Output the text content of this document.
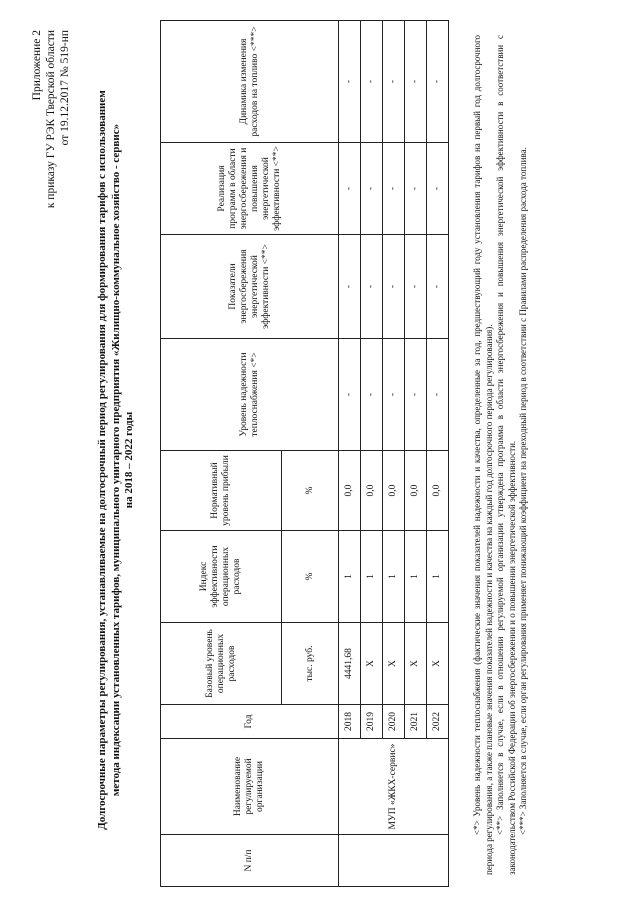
Приложение 2 к приказу ГУ РЭК Тверской области от 19.12.2017 № 519-нп
Долгосрочные параметры регулирования, устанавливаемые на долгосрочный период регулирования для формирования тарифов с использованием метода индексации установленных тарифов, муниципального унитарного предприятия «Жилищно-коммунальное хозяйство - сервис» на 2018 – 2022 годы
N п/п	Наименование регулируемой организации	Год	Базовый уровень операционных расходов	Индекс эффективности операционных расходов	Нормативный уровень прибыли	Уровень надежности теплоснабжения <*>	Показатели энергосбережения энергетической эффективности <**>	Реализация программ в области энергосбережения и повышения энергетической эффективности <**>	Динамика изменения расходов на топливо <***>
			тыс. руб.	%	%				
	МУП «ЖКХ-сервис»	2018	4441,68	1	0,0	-	-	-	-
		2019	Х	1	0,0	-	-	-	-
		2020	Х	1	0,0	-	-	-	-
		2021	Х	1	0,0	-	-	-	-
		2022	Х	1	0,0	-	-	-	-	<*> Уровень надежности теплоснабжения (фактические значения показателей надежности и качества, определенные за год, предшествующий году установления тарифов на первый год долгосрочного периода регулирования, а также плановые значения показателей надежности и качества на каждый год долгосрочного периода регулирования). <**> Заполняется в случае, если в отношении регулируемой организации утверждена программа в области энергосбережения и повышения энергетической эффективности в соответствии с законодательством Российской Федерации об энергосбережении и о повышении энергетической эффективности. <***> Заполняется в случае, если орган регулирования применяет понижающий коэффициент на переходный период в соответствии с Правилами распределения расхода топлива.
